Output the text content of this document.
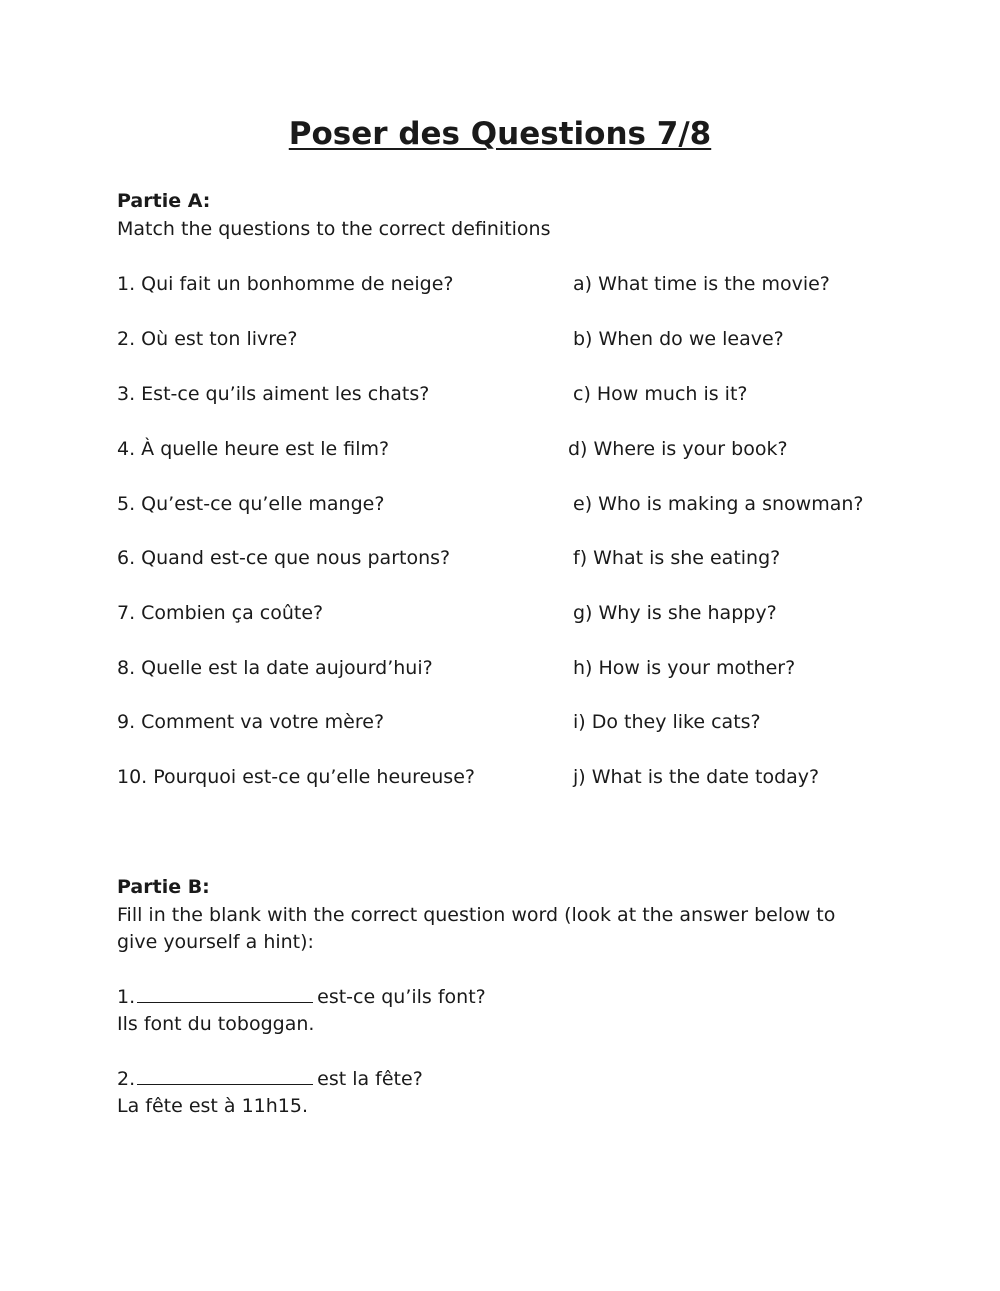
Poser des Questions 7/8

Partie A:

Match the questions to the correct definitions

1. Qui fait un bonhomme de neige?

2. Où est ton livre?

3. Est-ce qu’ils aiment les chats?

4. À quelle heure est le film?

5. Qu’est-ce qu’elle mange?

6. Quand est-ce que nous partons?

7. Combien ça coûte?

8. Quelle est la date aujourd’hui?

9. Comment va votre mère?

10. Pourquoi est-ce qu’elle heureuse?

a) What time is the movie?

b) When do we leave?

c) How much is it?

d) Where is your book?

e) Who is making a snowman?

f) What is she eating?

g) Why is she happy?

h) How is your mother?

i) Do they like cats?

j) What is the date today?

Partie B:

Fill in the blank with the correct question word (look at the answer below to

give yourself a hint):

1.	est-ce qu’ils font?

Ils font du toboggan.

2.	est la fête?

La fête est à 11h15.
